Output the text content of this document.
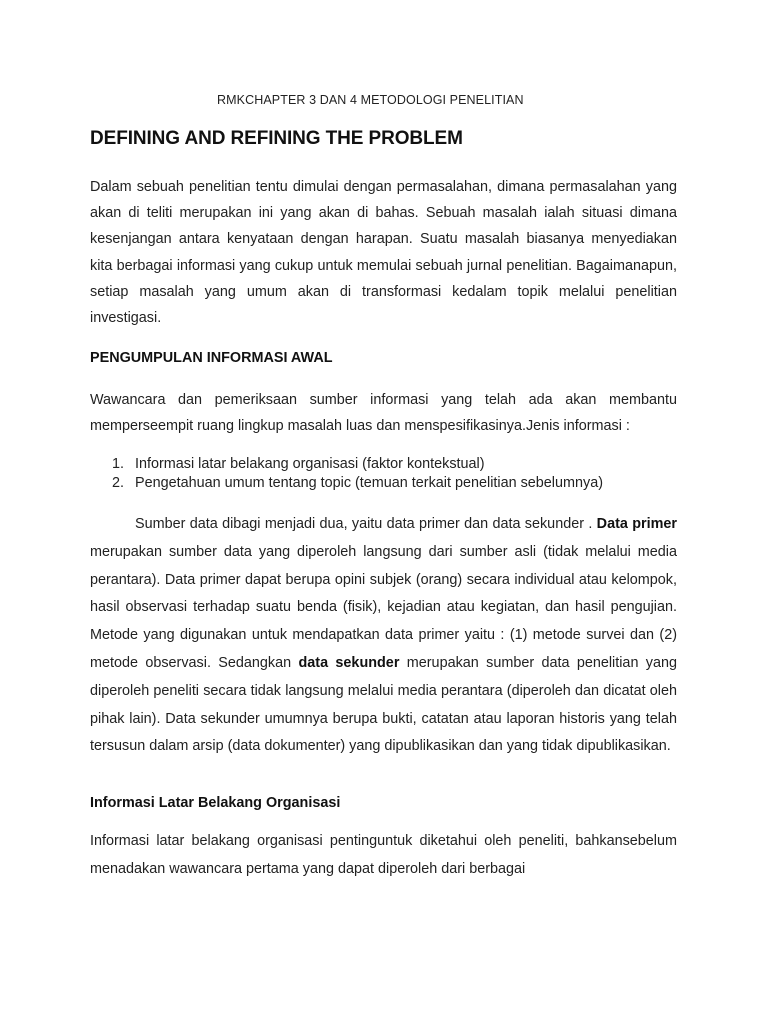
RMKCHAPTER 3 DAN 4 METODOLOGI PENELITIAN
DEFINING AND REFINING THE PROBLEM

Dalam sebuah penelitian tentu dimulai dengan permasalahan, dimana permasalahan yang akan di teliti merupakan ini yang akan di bahas. Sebuah masalah ialah situasi dimana kesenjangan antara kenyataan dengan harapan. Suatu masalah biasanya menyediakan kita berbagai informasi yang cukup untuk memulai sebuah jurnal penelitian. Bagaimanapun, setiap masalah yang umum akan di transformasi kedalam topik melalui penelitian investigasi.

PENGUMPULAN INFORMASI AWAL

Wawancara dan pemeriksaan sumber informasi yang telah ada akan membantu memperseempit ruang lingkup masalah luas dan menspesifikasinya.Jenis informasi :

1. Informasi latar belakang organisasi (faktor kontekstual)
2. Pengetahuan umum tentang topic (temuan terkait penelitian sebelumnya)

Sumber data dibagi menjadi dua, yaitu data primer dan data sekunder . Data primer merupakan sumber data yang diperoleh langsung dari sumber asli (tidak melalui media perantara). Data primer dapat berupa opini subjek (orang) secara individual atau kelompok, hasil observasi terhadap suatu benda (fisik), kejadian atau kegiatan, dan hasil pengujian. Metode yang digunakan untuk mendapatkan data primer yaitu : (1) metode survei dan (2) metode observasi. Sedangkan data sekunder merupakan sumber data penelitian yang diperoleh peneliti secara tidak langsung melalui media perantara (diperoleh dan dicatat oleh pihak lain). Data sekunder umumnya berupa bukti, catatan atau laporan historis yang telah tersusun dalam arsip (data dokumenter) yang dipublikasikan dan yang tidak dipublikasikan.

Informasi Latar Belakang Organisasi

Informasi latar belakang organisasi pentinguntuk diketahui oleh peneliti, bahkansebelum menadakan wawancara pertama yang dapat diperoleh dari berbagai
